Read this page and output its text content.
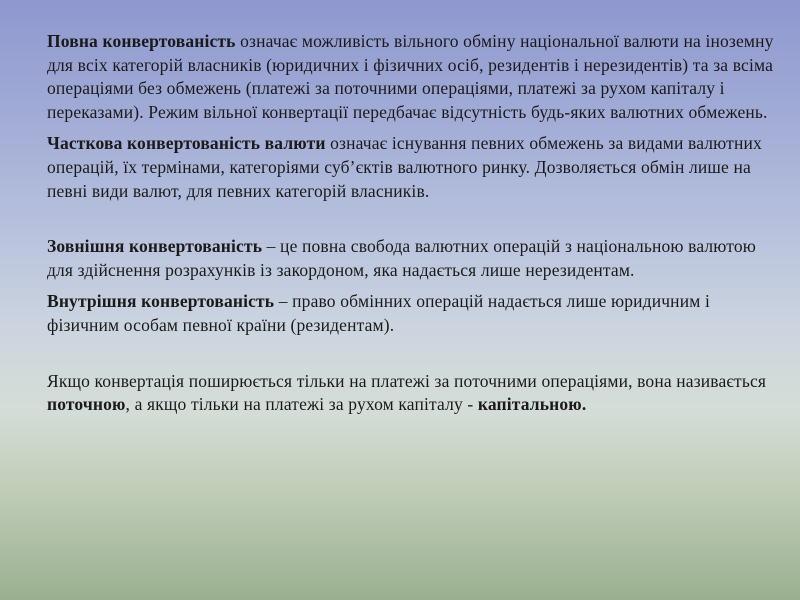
Повна конвертованість означає можливість вільного обміну національної валюти на іноземну для всіх категорій власників (юридичних і фізичних осіб, резидентів і нерезидентів) та за всіма операціями без обмежень (платежі за поточними операціями, платежі за рухом капіталу і переказами). Режим вільної конвертації передбачає відсутність будь-яких валютних обмежень.

Часткова конвертованість валюти означає існування певних обмежень за видами валютних операцій, їх термінами, категоріями суб’єктів валютного ринку. Дозволяється обмін лише на певні види валют, для певних категорій власників.

Зовнішня конвертованість – це повна свобода валютних операцій з національною валютою для здійснення розрахунків із закордоном, яка надається лише нерезидентам.

Внутрішня конвертованість – право обмінних операцій надається лише юридичним і фізичним особам певної країни (резидентам).

Якщо конвертація поширюється тільки на платежі за поточними операціями, вона називається поточною, а якщо тільки на платежі за рухом капіталу - капітальною.
